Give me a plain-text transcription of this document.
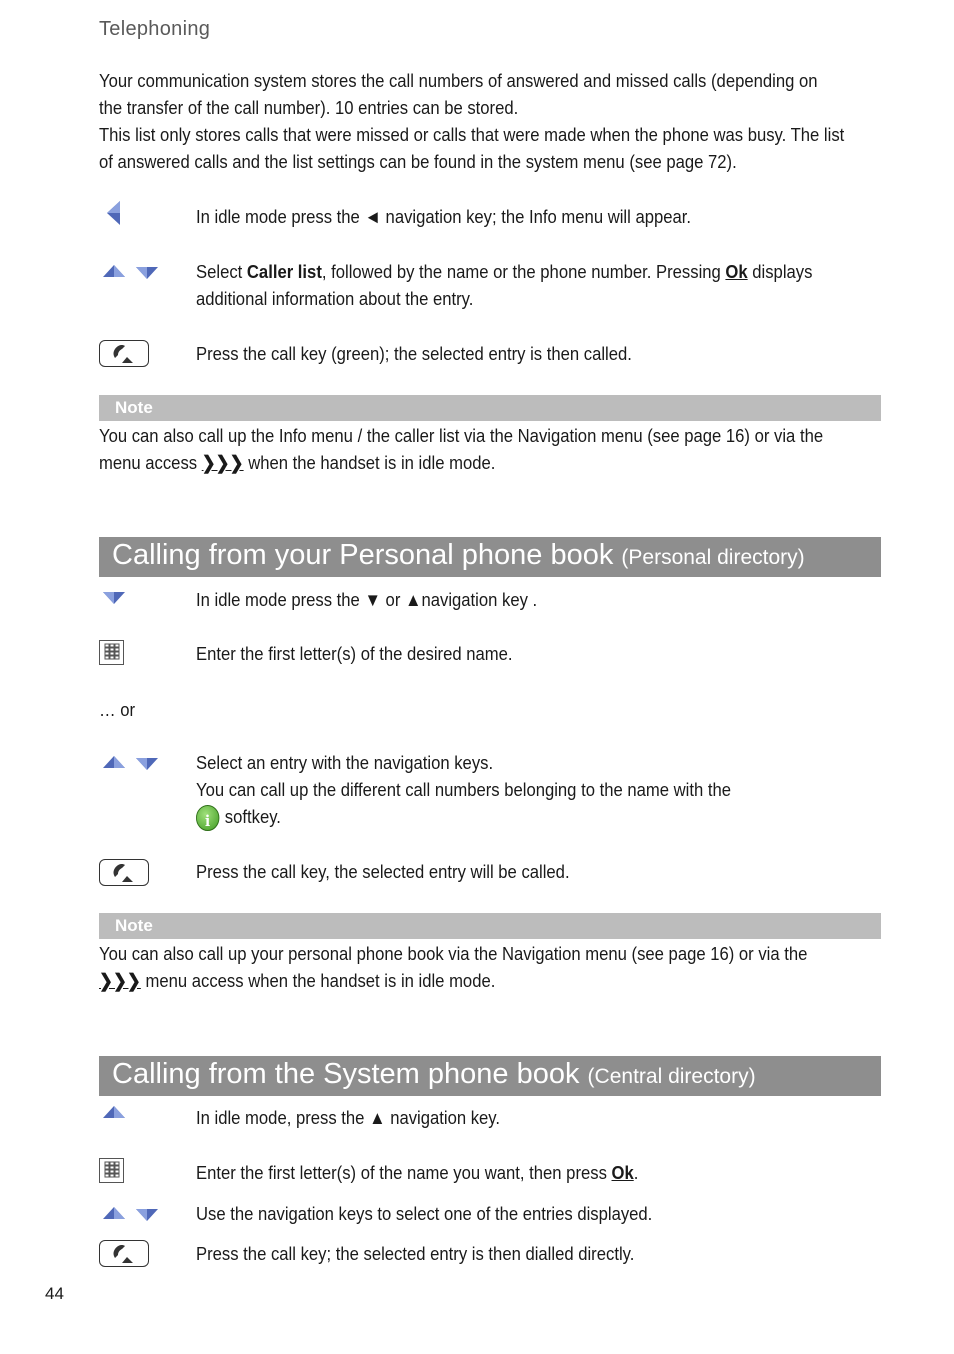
Telephoning
Your communication system stores the call numbers of answered and missed calls (depending on
the transfer of the call number). 10 entries can be stored.
This list only stores calls that were missed or calls that were made when the phone was busy. The list
of answered calls and the list settings can be found in the system menu (see page 72).
In idle mode press the ◄ navigation key; the Info menu will appear.
Select Caller list, followed by the name or the phone number. Pressing Ok displays
additional information about the entry.
Press the call key (green); the selected entry is then called.
Note
You can also call up the Info menu / the caller list via the Navigation menu (see page 16) or via the
menu access ❯❯❯ when the handset is in idle mode.
Calling from your Personal phone book (Personal directory)
In idle mode press the ▼ or ▲navigation key .
Enter the first letter(s) of the desired name.
… or
Select an entry with the navigation keys.
You can call up the different call numbers belonging to the name with the
isoftkey.
Press the call key, the selected entry will be called.
Note
You can also call up your personal phone book via the Navigation menu (see page 16) or via the
❯❯❯ menu access when the handset is in idle mode.
Calling from the System phone book (Central directory)
In idle mode, press the ▲ navigation key.
Enter the first letter(s) of the name you want, then press Ok.
Use the navigation keys to select one of the entries displayed.
Press the call key; the selected entry is then dialled directly.
44
